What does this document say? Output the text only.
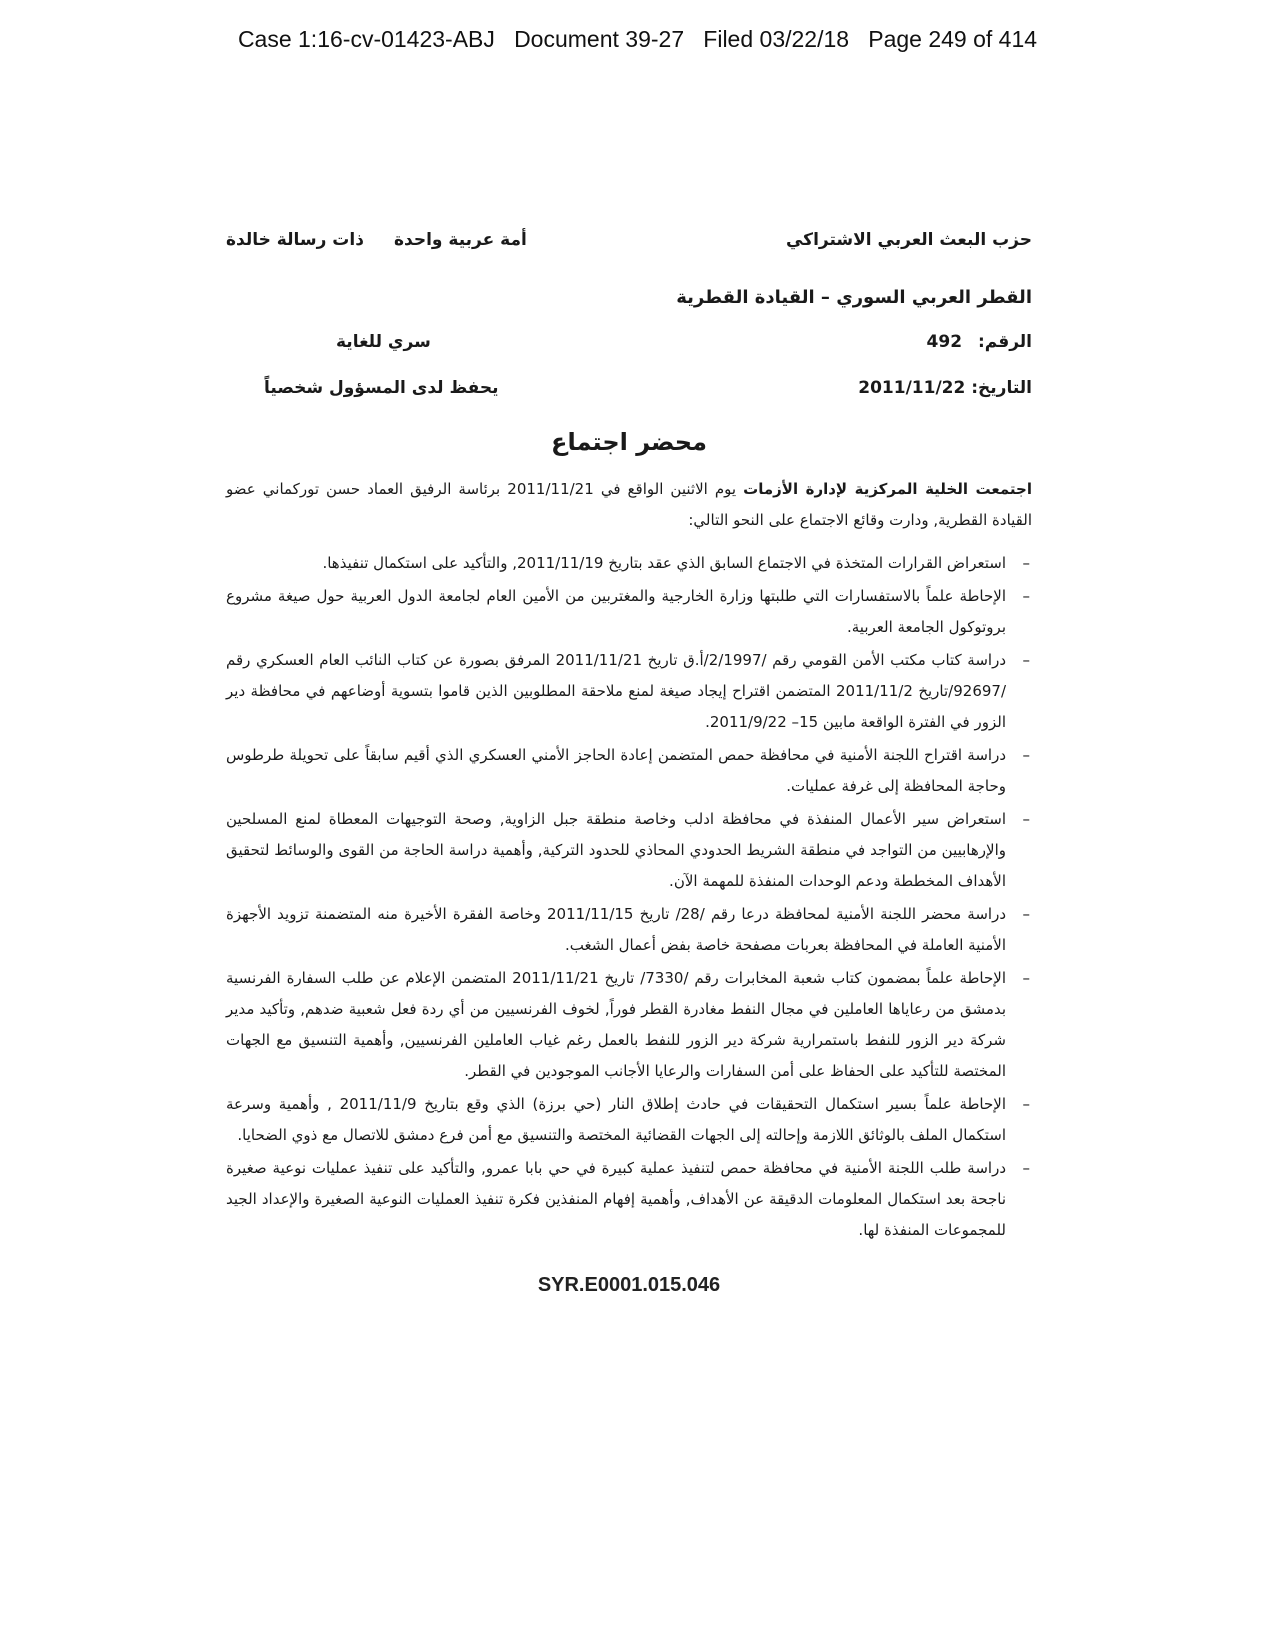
Case 1:16-cv-01423-ABJ   Document 39-27   Filed 03/22/18   Page 249 of 414
حزب البعث العربي الاشتراكي
أمة عربية واحدة
ذات رسالة خالدة
القطر العربي السوري – القيادة القطرية
الرقم: 492
سري للغاية
التاريخ: 2011/11/22
يحفظ لدى المسؤول شخصياً
محضر اجتماع
اجتمعت الخلية المركزية لإدارة الأزمات يوم الاثنين الواقع في 2011/11/21 برئاسة الرفيق العماد حسن توركماني عضو القيادة القطرية, ودارت وقائع الاجتماع على النحو التالي:
–
استعراض القرارات المتخذة في الاجتماع السابق الذي عقد بتاريخ 2011/11/19, والتأكيد على استكمال تنفيذها.
–
الإحاطة علماً بالاستفسارات التي طلبتها وزارة الخارجية والمغتربين من الأمين العام لجامعة الدول العربية حول صيغة مشروع بروتوكول الجامعة العربية.
–
دراسة كتاب مكتب الأمن القومي رقم /2/1997/أ.ق تاريخ 2011/11/21 المرفق بصورة عن كتاب النائب العام العسكري رقم /92697/تاريخ 2011/11/2 المتضمن اقتراح إيجاد صيغة لمنع ملاحقة المطلوبين الذين قاموا بتسوية أوضاعهم في محافظة دير الزور في الفترة الواقعة مابين 15– 2011/9/22.
–
دراسة اقتراح اللجنة الأمنية في محافظة حمص المتضمن إعادة الحاجز الأمني العسكري الذي أقيم سابقاً على تحويلة طرطوس وحاجة المحافظة إلى غرفة عمليات.
–
استعراض سير الأعمال المنفذة في محافظة ادلب وخاصة منطقة جبل الزاوية, وصحة التوجيهات المعطاة لمنع المسلحين والإرهابيين من التواجد في منطقة الشريط الحدودي المحاذي للحدود التركية, وأهمية دراسة الحاجة من القوى والوسائط لتحقيق الأهداف المخططة ودعم الوحدات المنفذة للمهمة الآن.
–
دراسة محضر اللجنة الأمنية لمحافظة درعا رقم /28/ تاريخ 2011/11/15 وخاصة الفقرة الأخيرة منه المتضمنة تزويد الأجهزة الأمنية العاملة في المحافظة بعربات مصفحة خاصة بفض أعمال الشغب.
–
الإحاطة علماً بمضمون كتاب شعبة المخابرات رقم /7330/ تاريخ 2011/11/21 المتضمن الإعلام عن طلب السفارة الفرنسية بدمشق من رعاياها العاملين في مجال النفط مغادرة القطر فوراً, لخوف الفرنسيين من أي ردة فعل شعبية ضدهم, وتأكيد مدير شركة دير الزور للنفط باستمرارية شركة دير الزور للنفط بالعمل رغم غياب العاملين الفرنسيين, وأهمية التنسيق مع الجهات المختصة للتأكيد على الحفاظ على أمن السفارات والرعايا الأجانب الموجودين في القطر.
–
الإحاطة علماً بسير استكمال التحقيقات في حادث إطلاق النار (حي برزة) الذي وقع بتاريخ 2011/11/9 , وأهمية وسرعة استكمال الملف بالوثائق اللازمة وإحالته إلى الجهات القضائية المختصة والتنسيق مع أمن فرع دمشق للاتصال مع ذوي الضحايا.
–
دراسة طلب اللجنة الأمنية في محافظة حمص لتنفيذ عملية كبيرة في حي بابا عمرو, والتأكيد على تنفيذ عمليات نوعية صغيرة ناجحة بعد استكمال المعلومات الدقيقة عن الأهداف, وأهمية إفهام المنفذين فكرة تنفيذ العمليات النوعية الصغيرة والإعداد الجيد للمجموعات المنفذة لها.
SYR.E0001.015.046
